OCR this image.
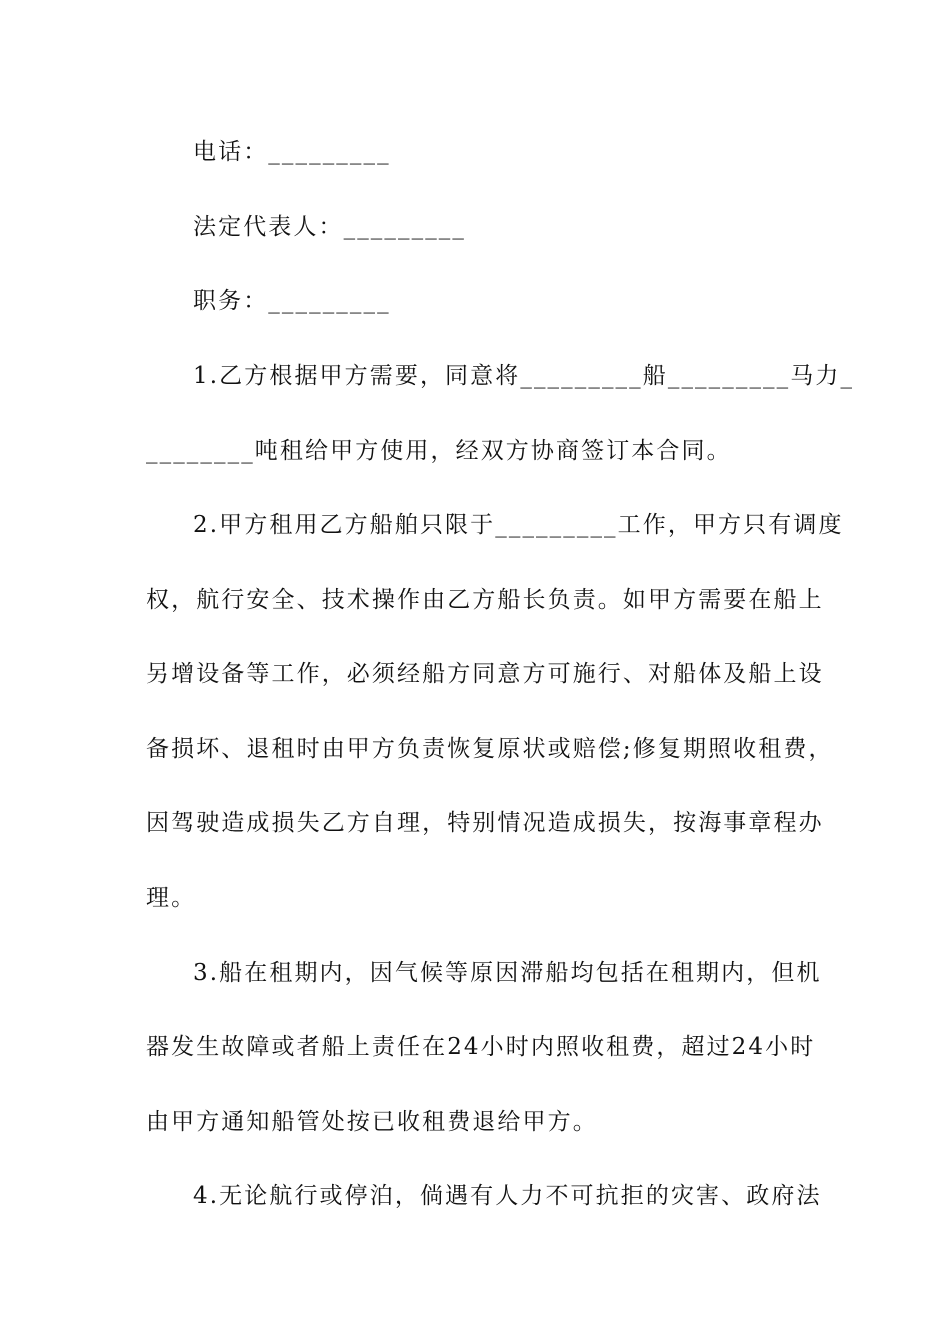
电话：_________
法定代表人：_________
职务：_________
1.乙方根据甲方需要，同意将_________船_________马力_
________吨租给甲方使用，经双方协商签订本合同。
2.甲方租用乙方船舶只限于_________工作，甲方只有调度
权，航行安全、技术操作由乙方船长负责。如甲方需要在船上
另增设备等工作，必须经船方同意方可施行、对船体及船上设
备损坏、退租时由甲方负责恢复原状或赔偿;修复期照收租费，
因驾驶造成损失乙方自理，特别情况造成损失，按海事章程办
理。
3.船在租期内，因气候等原因滞船均包括在租期内，但机
器发生故障或者船上责任在24小时内照收租费，超过24小时
由甲方通知船管处按已收租费退给甲方。
4.无论航行或停泊，倘遇有人力不可抗拒的灾害、政府法
